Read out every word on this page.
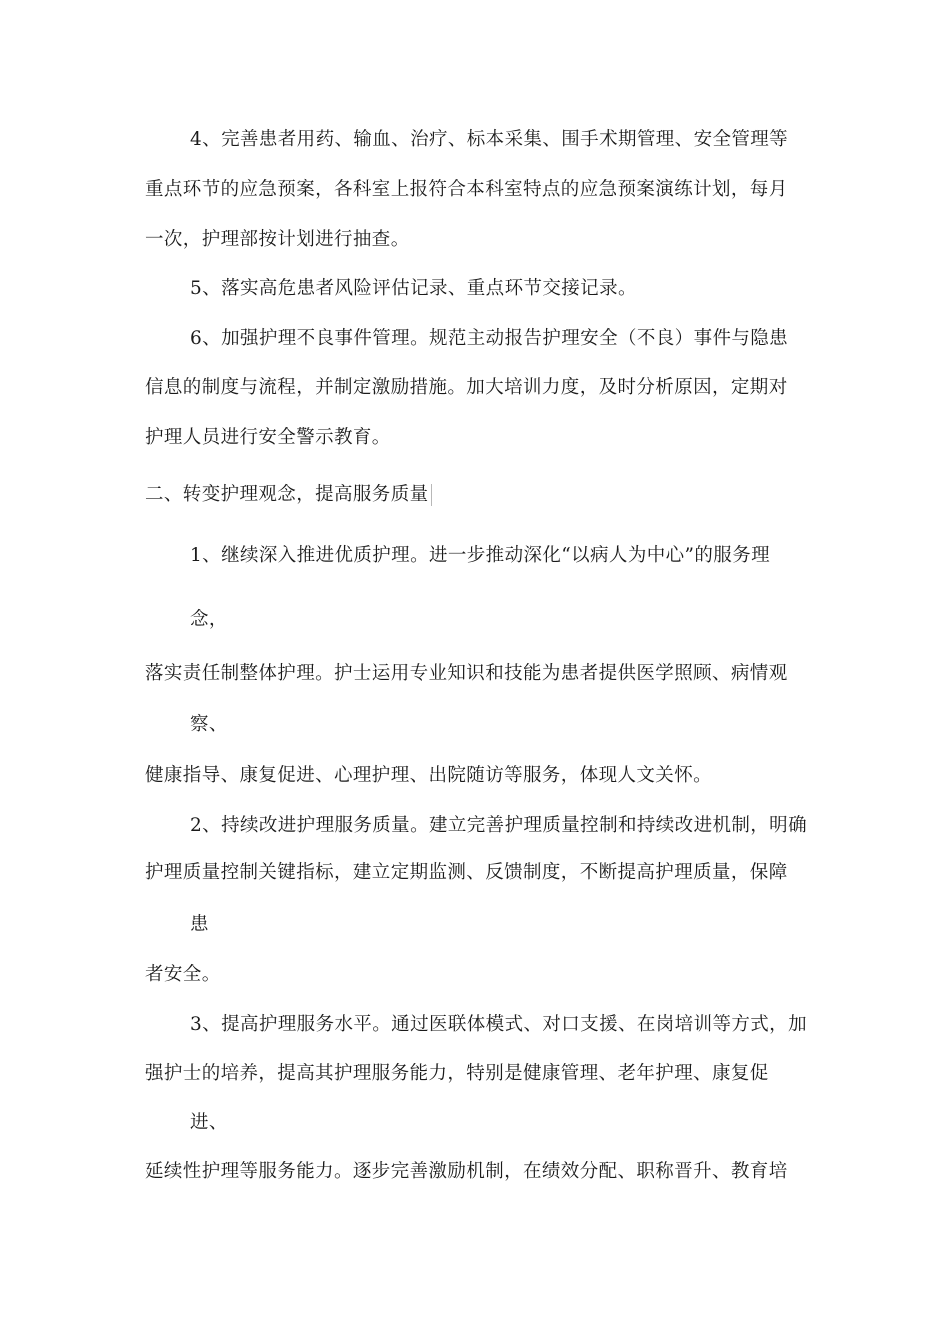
4、完善患者用药、输血、治疗、标本采集、围手术期管理、安全管理等
重点环节的应急预案，各科室上报符合本科室特点的应急预案演练计划，每月
一次，护理部按计划进行抽查。
5、落实高危患者风险评估记录、重点环节交接记录。
6、加强护理不良事件管理。规范主动报告护理安全（不良）事件与隐患
信息的制度与流程，并制定激励措施。加大培训力度，及时分析原因，定期对
护理人员进行安全警示教育。
二、转变护理观念，提高服务质量
1、继续深入推进优质护理。进一步推动深化“以病人为中心”的服务理
念，
落实责任制整体护理。护士运用专业知识和技能为患者提供医学照顾、病情观
察、
健康指导、康复促进、心理护理、出院随访等服务，体现人文关怀。
2、持续改进护理服务质量。建立完善护理质量控制和持续改进机制，明确
护理质量控制关键指标，建立定期监测、反馈制度，不断提高护理质量，保障
患
者安全。
3、提高护理服务水平。通过医联体模式、对口支援、在岗培训等方式，加
强护士的培养，提高其护理服务能力，特别是健康管理、老年护理、康复促
进、
延续性护理等服务能力。逐步完善激励机制，在绩效分配、职称晋升、教育培
